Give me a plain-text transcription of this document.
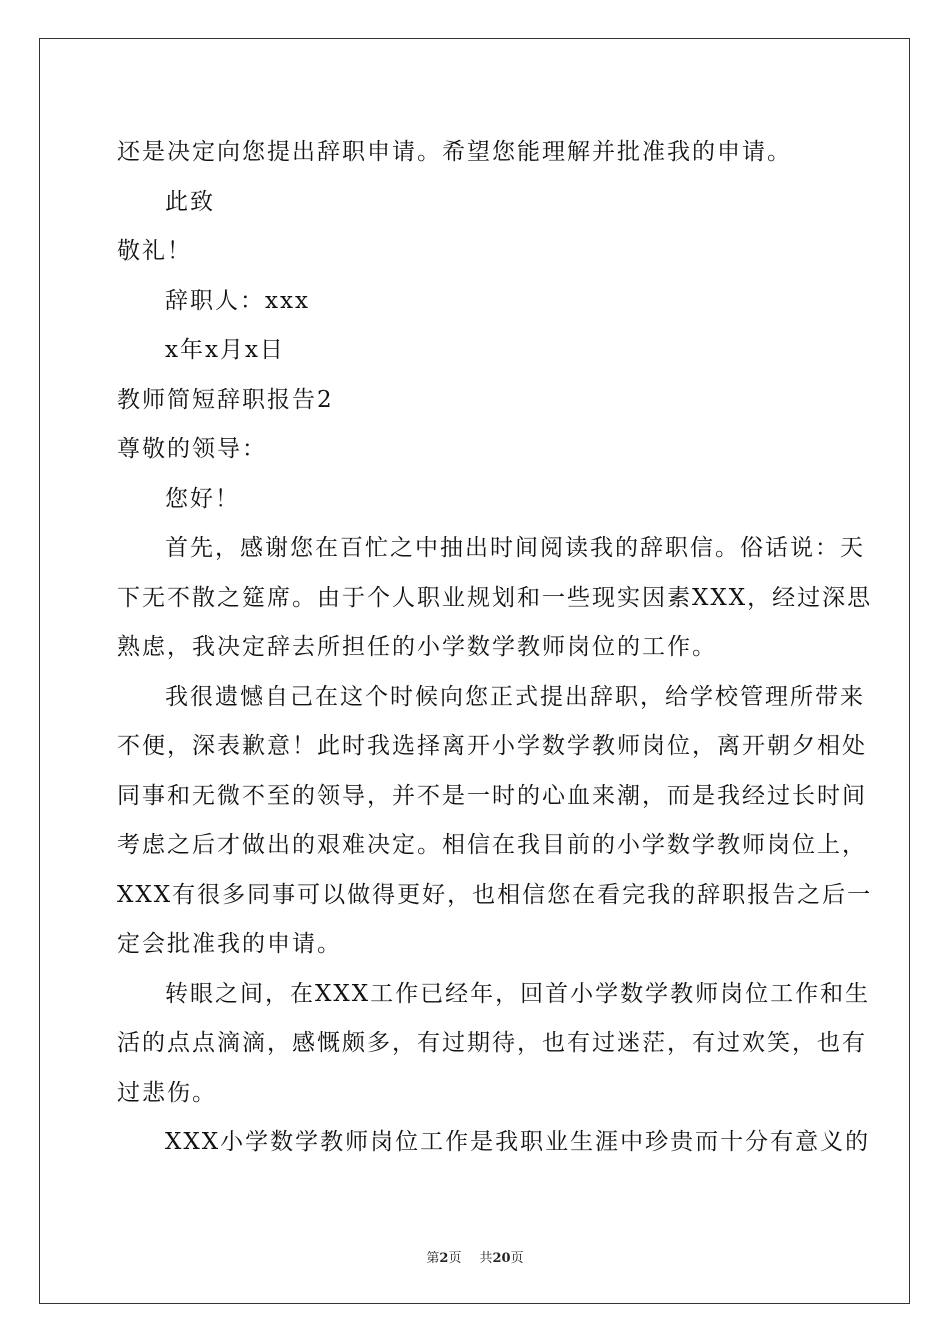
还是决定向您提出辞职申请。希望您能理解并批准我的申请。
此致
敬礼！
辞职人：xxx
x年x月x日
教师简短辞职报告2
尊敬的领导：
您好！
首先，感谢您在百忙之中抽出时间阅读我的辞职信。俗话说：天
下无不散之筵席。由于个人职业规划和一些现实因素XXX，经过深思
熟虑，我决定辞去所担任的小学数学教师岗位的工作。
我很遗憾自己在这个时候向您正式提出辞职，给学校管理所带来
不便，深表歉意！此时我选择离开小学数学教师岗位，离开朝夕相处
同事和无微不至的领导，并不是一时的心血来潮，而是我经过长时间
考虑之后才做出的艰难决定。相信在我目前的小学数学教师岗位上，
XXX有很多同事可以做得更好，也相信您在看完我的辞职报告之后一
定会批准我的申请。
转眼之间，在XXX工作已经年，回首小学数学教师岗位工作和生
活的点点滴滴，感慨颇多，有过期待，也有过迷茫，有过欢笑，也有
过悲伤。
XXX小学数学教师岗位工作是我职业生涯中珍贵而十分有意义的
第2页 共20页
